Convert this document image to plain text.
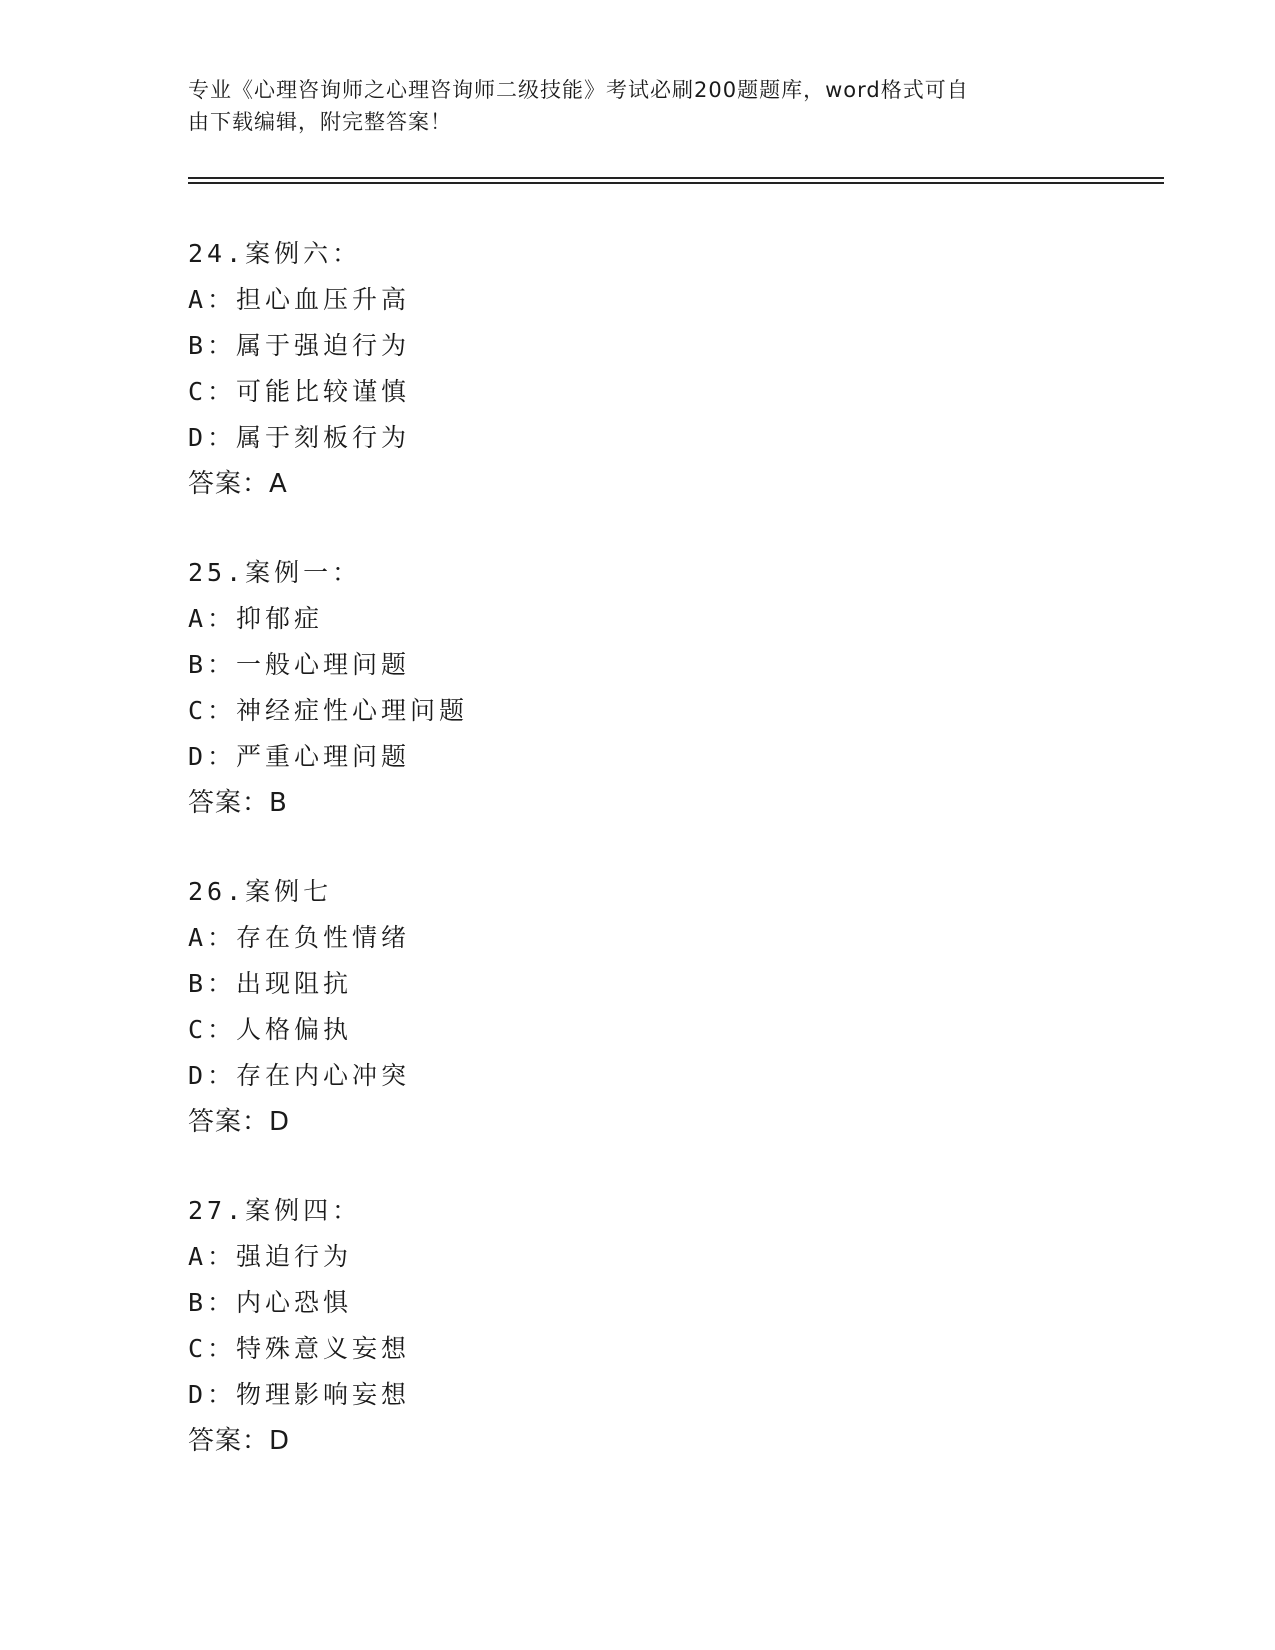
专业《心理咨询师之心理咨询师二级技能》考试必刷200题题库，word格式可自
由下载编辑，附完整答案！
24.案例六：
A：担心血压升高
B：属于强迫行为
C：可能比较谨慎
D：属于刻板行为
答案：A
25.案例一：
A：抑郁症
B：一般心理问题
C：神经症性心理问题
D：严重心理问题
答案：B
26.案例七
A：存在负性情绪
B：出现阻抗
C：人格偏执
D：存在内心冲突
答案：D
27.案例四：
A：强迫行为
B：内心恐惧
C：特殊意义妄想
D：物理影响妄想
答案：D
